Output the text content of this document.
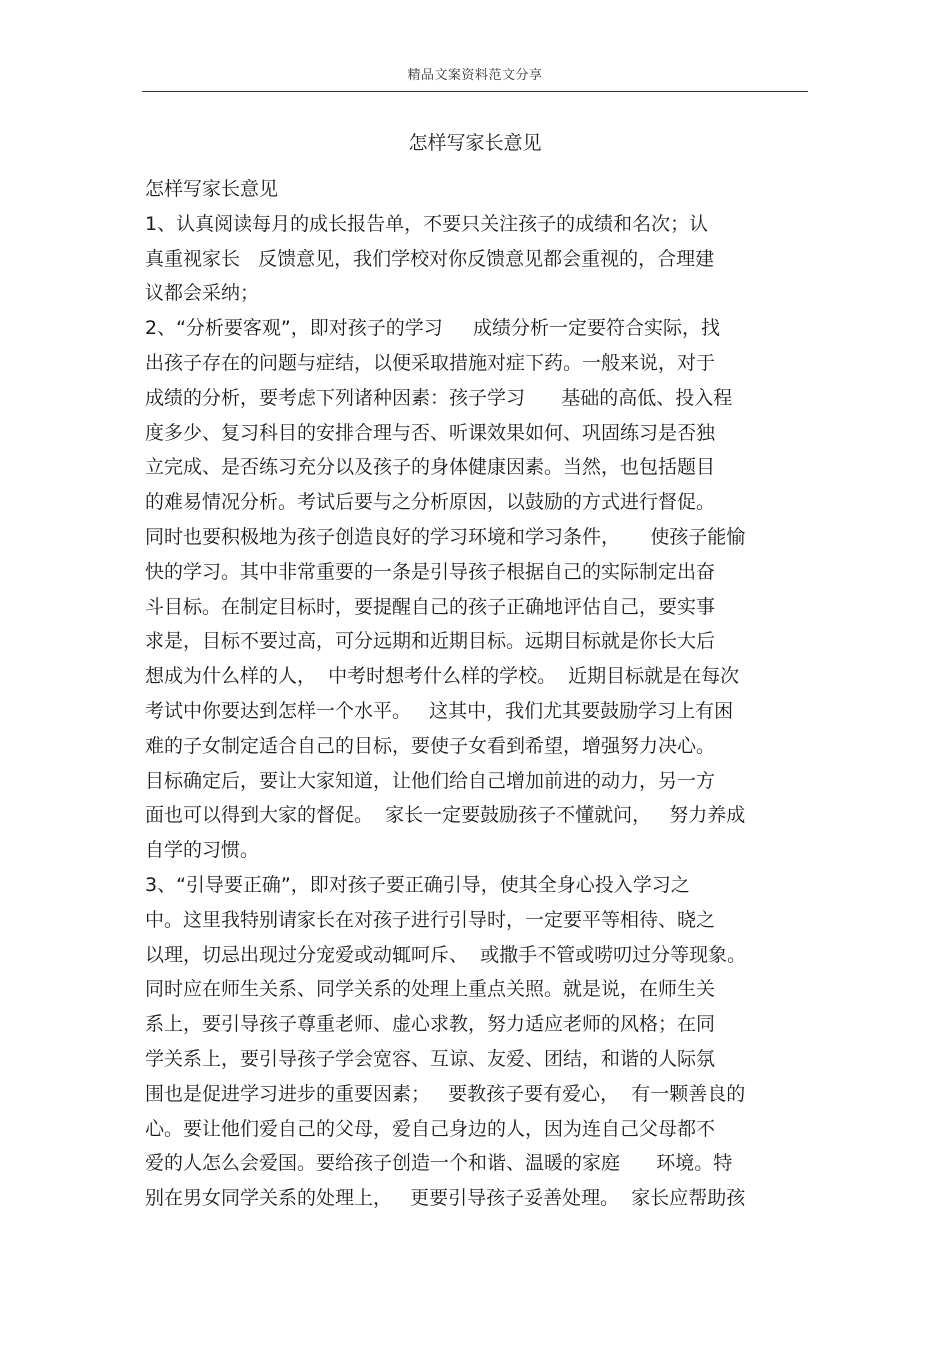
精品文案资料范文分享
怎样写家长意见
怎样写家长意见
1、认真阅读每月的成长报告单，不要只关注孩子的成绩和名次；认
真重视家长   反馈意见，我们学校对你反馈意见都会重视的，合理建
议都会采纳；
2、“分析要客观”，即对孩子的学习     成绩分析一定要符合实际，找
出孩子存在的问题与症结，以便采取措施对症下药。一般来说，对于
成绩的分析，要考虑下列诸种因素：孩子学习      基础的高低、投入程
度多少、复习科目的安排合理与否、听课效果如何、巩固练习是否独
立完成、是否练习充分以及孩子的身体健康因素。当然，也包括题目
的难易情况分析。考试后要与之分析原因，以鼓励的方式进行督促。
同时也要积极地为孩子创造良好的学习环境和学习条件，     使孩子能愉
快的学习。其中非常重要的一条是引导孩子根据自己的实际制定出奋
斗目标。在制定目标时，要提醒自己的孩子正确地评估自己，要实事
求是，目标不要过高，可分远期和近期目标。远期目标就是你长大后
想成为什么样的人，  中考时想考什么样的学校。  近期目标就是在每次
考试中你要达到怎样一个水平。   这其中，我们尤其要鼓励学习上有困
难的子女制定适合自己的目标，要使子女看到希望，增强努力决心。
目标确定后，要让大家知道，让他们给自己增加前进的动力，另一方
面也可以得到大家的督促。  家长一定要鼓励孩子不懂就问，   努力养成
自学的习惯。
3、“引导要正确”，即对孩子要正确引导，使其全身心投入学习之
中。这里我特别请家长在对孩子进行引导时，一定要平等相待、晓之
以理，切忌出现过分宠爱或动辄呵斥、  或撒手不管或唠叨过分等现象。
同时应在师生关系、同学关系的处理上重点关照。就是说，在师生关
系上，要引导孩子尊重老师、虚心求教，努力适应老师的风格；在同
学关系上，要引导孩子学会宽容、互谅、友爱、团结，和谐的人际氛
围也是促进学习进步的重要因素；   要教孩子要有爱心，  有一颗善良的
心。要让他们爱自己的父母，爱自己身边的人，因为连自己父母都不
爱的人怎么会爱国。要给孩子创造一个和谐、温暖的家庭      环境。特
别在男女同学关系的处理上，   更要引导孩子妥善处理。  家长应帮助孩
